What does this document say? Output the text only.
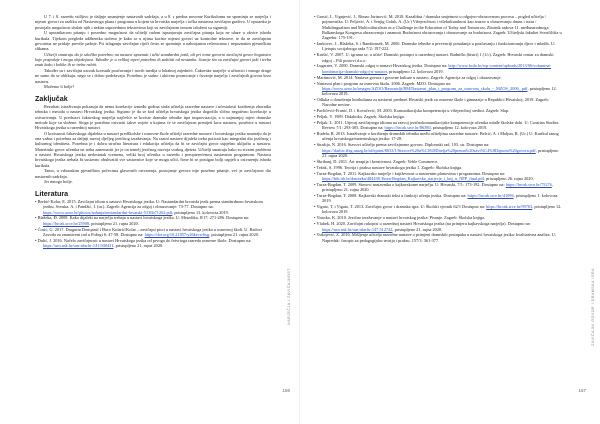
U 7. i 8. razredu vidljivo je daljnje smanjenje nastavnih sadržaja, a u 8. r predna novome Kurikulumu ne spominju se narječja i mjesni govori za razliku od Nastavnoga plana i programa u kojem su hrvatska narječja i točka nastavna zavičajna gradivo. U opstanku je postojala mogućnost slušati njih i nekim usporednim tekstovima koji su zavičajnom temom izloženi su sigurniji.

U uputnikacom pitanju i posredno mogućnost da učitelji radom ispunjavaju zavičajna pitanja koja ne ulaze u okvire ishoda kurikula. Tijekom pregleda udžbenika uočeno je kako se u njima koriste mjesni govori uz kontrolne tekstove, te da se zavičajnim govorima ne pridaje previše pažnje. Pri izlaganju zavičajne riječi često se spominje u nabrojanim rečenicama i nepoznatim pjesničkim slikama.

Učitelji smatraju da je ukoliko potrebno na nastavi upoznati i učiti standardni jezik, ali pri tome govorni zavičajni govor bogatstvo koje posjeduje i mogu objašnjava. Također je u velikoj mjeri potrebno ih zaštititi od nestanka. Jasnije što su zavičajni govori jaki i treba znati kako i koliko ih se treba rabiti.

Također su i zavičajni uzorak korisnih poučavanja i novih medija u lokalnoj zajednici. Čakavske narječje u učionici i mnoge druge ne samo da se oblikuju, nego se i dobro podržavaju. Potrebno je stalno i aktivno promicanje i čuvanje narječja i zavičajnih govora kroz nastavu.

Možemo li bolje?

Zaključak

Rezultati istraživanja pokazuju da nema korelacije između godina staža učitelja razredne nastave i učestalosti korištenja zbornika tehnika i metoda u nastavi Hrvatskog jezika. Sigurno je da se kod učitelja hrvatskoga jezika dogodilo slično negativno korelacije u ostvarivanju. U predstavi čakavskog narječja najčešće se koriste dramske tehnike tipa improvizacija, a u najmanjoj mjeri dramske metode koje su složene. Stoga je potrebno ostvariti takve uvjete u kojima će se zavičajnost prenijeti kroz nastavu, posebice u nastavi Hrvatskoga jezika u razrednoj nastavi.

O korisnosti čakavskoga dijalekta u nastavi predškolske i osnovne škole učitelji razredne nastave i hrvatskoga jezika smatraju da je ona važna i potrebna za daljnji razvoj dječjeg jezičnog izražavanja. Na razini nastave dijalekt treba poticati kao integralni dio jezičnog i kulturnog identiteta. Potrebna je i dobra stručna literatura i edukacija učitelja da bi se zavičajni govor uspješno uključio u nastavu. Materinski govor učenika ne treba zanemariti jer je on temelj jezičnog razvoja svakog djeteta. Učitelji smatraju kako su stvarni problemi u nastavi Hrvatskoga jezika nedostatak vremena, veliki broj učenika u razredu i preopterećenost nastavnim programom. Nastava hrvatskoga jezika trebala bi sustavno obuhvatiti sve sastavnice koje se mogu učiti, čime bi se postigao bolji uspjeh u ostvarenju ishoda kurikula.

Tamo, u vrhunskim pjesničkim počecima glasovnih ostvarenja, postojanje govora nije posebno pitanje, već je zavičajnost dio nastavnih sadržaja.

Jer mnogo bolje.

Literatura

• Berbić-Kolar, E. 2015. Zavičajni idiom u nastavi Hrvatskoga jezika. U: Nastandardni hrvatski jezik prema standardnom hrvatskom jeziku. Sveuka. A. i Pandžić, I. (ur.). Zagreb: Agencija za odgoj i obrazovanje: 73-77. Dostupno na: https://www.azoo.hr/photos/izdanja/nestandardni-hrvatski-5136b71262.pdf, pristupljeno 13. kolovoza 2019.

• Blažeka, Đ. 2008. Kako dijalekt na narječju trebaju u nastavi hrvatskoga jezika. U: Metodika, 8/17: 271-286. Dostupno na: https://hrcak.srce.hr/25908, pristupljeno 21. rujna 2020.

• Ćosić, G. 2017. Dragutin Domjanić i Đuro Kolarić/Kolar – zavičajni pisci u nastavi hrvatskoga jezika u osnovnoj školi. U: Radovi Zavoda za znanstveni rad u Požegi 6: 47-58. Dostupno na: https://doi.org/10.21857/y26kecw6xg, pristupljeno 21. rujna 2020.

• Dulić, J. 2016. Načelo zavičajnosti u nastavi Hrvatskoga jezika od prvoga do četvrtoga razreda osnovne škole. Dostupno na: https://urn.nsk.hr/urn:nbn:hr:141:948431, pristupljeno 21. rujna 2020.

NARJEČJA I ZAVIČAJNOST
166

• Grasić, I., Vignjević, J., Rimac Jurinović, M. 2018. Kazališna / dramska umjetnost u odgojno-obrazovnom procesu – pogled učitelja / pojmovnika. U: Peljović, A. i Šenjig Golub, A. (Ur.) Višejezičnost i višekulturalnost kao izazov u obrazovanju danas i sutra / Multilingualism and Multiculturalism as a Challenge in the Education of Today and Tomorrow, Zbornik radova 11. međunarodnoga Balkanskoga Kongresa obrazovanja i znanosti Budućnost obrazovanja i obrazovanje za budućnost. Zagreb: Učiteljski fakultet Sveučilišta u Zagrebu: 175-191.

• Jankovec, J., Blažeka, S. i Rambousek, M. 2000. Dramske tehnike u prevenciji ponašanja u poučavanju i funkcioniranju djece i mladih. U: Ljetopis socijalnoga rada 7/2: 197-222.

• Krušić, V. 2007. U: igrama se, u učite! Dramski postupci u razrednoj nastavi. Radnički (bistri) 1 (1/c). Zagreb: Hrvatski centar za dramski odgoj – Pili postovi d.o.o.

• Lugarner, V. 2000. Dramski odgoj u nastavi Hrvatskog jezika. Dostupno na: http://www.hcdo.hr/wp-content/uploads/2013/06/volumina-kombinacija-dramski-odgoj-u-nastavi, pristupljeno 12. kolovoza 2019.

• Martinović, M. 2014. Nastava govora i govorne kulture u nastavi. Zagreb: Agencija za odgoj i obrazovanje.

• Nastavni plan i program za osnovnu školu. 2006. Zagreb: MZO. Dostupno na: https://www.azoo.hr/images/AZOO/Ravnatelji/RM/Nastavni_plan_i_program_za_osnovnu_skolu_-_MZOS_2006_.pdf, pristupljeno 12. kolovoza 2019.

• Odluka o donošenju kurikuluma za nastavni predmet Hrvatski jezik za osnovne škole i gimnazije u Republici Hrvatskoj. 2019. Zagreb: Narodne novine.

• Pavličević-Franić, D. i Kovačević, M. 2003. Komunikacijska kompetencija u višejezičnoj sredini. Zagreb: Slap.

• Peljak, V. 1989. Didaktika. Zagreb: Školska knjiga.

• Peljak, L. 2011. Utjecaj zavičajnoga idioma na razvoj jezičnokomunikacijske kompetencije učenika mlađe školske dobi. U: Croatian Studies Review 7/1: 293-305. Dostupno na: https://hrcak.srce.hr/86380, pristupljeno 12. kolovoza 2019.

• Rudela, R. 2013. Istraživanje o korištenju dramskih tehnika među učiteljima razredne nastave. Belcić, A. i Maljun, B. (Ur.) U: Kurikul ranog učenja hrvatskoga/materinskoga jezika: 17-28.

• Stražija, N. 2016. Stavovi učitelja prema zavičajnome govoru. Diplomski rad. 103. str. Dostupno na: https://darhiv.ffzg.unizg.hr/id/eprint/8633/1/Stavovi%20u%C4%8Ditelja%20prema%20zavi%C4%8Dajnom%20govoru.pdf, pristupljeno 21. rujna 2020.

• Škribanj, D. 2011. Art terapija i kreativnost. Zagreb: Veble Commerce.

• Težak, S. 1996. Teorija i praksa nastave hrvatskoga jezika 1. Zagreb: Školska knjiga.

• Turza-Bogdan, T. 2011. Kajkavsko narječje i književnost u nastavnim planovima i programima. Dostupno na: https://bib.irb.hr/datoteka/484438.Turza-Bogdan_Kajkavsko_narjecje_i_knj_u_NPP_final.pdf, pristupljeno 26. rujna 2020.

• Turza-Bogdan, T. 2009. Stavovi nastavnika o kajkavskome narječju. U: Hrvatski, 7/1: 173-192. Dostupno na: https://hrcak.srce.hr/75276, pristupljeno 21. rujna 2020.

• Turza-Bogdan, T. 2008. Kajkavski dramski tekst u funkciji učenja jezika. Dostupno na: https://hrcak.srce.hr/41096, pristupljeno 1. kolovoza 2019.

• Vigato, T. i Vigato, T. 2013. Zavičajni govor i dramska igra. U: Školski vjesnik 62/1 Dostupno na: https://hrcak.srce.hr/99763, pristupljeno 12. kolovoza 2019.

• Visinko, K. 2010. Jezično izražavanje u nastavi hrvatskog jezika: Pisanje. Zagreb: Školska knjiga.

• Vlahek, H. 2020. Zavičajni rukopisi u razrednoj nastavi Hrvatskoga jezika (na primjeru kajkavskoga narječja). Dostupno na: https://urn.nsk.hr/urn:nbn:hr:147:512742, pristupljeno 21. rujna 2020.

• Vukojević, Z. 2016. Mišljenje učitelja razredne nastave o primjeni dramskih postupaka u nastavi hrvatskoga jezika: kvalitativna analiza. U: Napredak: časopis za pedagogijsku teoriju i praksu. 157/3: 361-377.

ZAVIČAJNI GOVOR I DRAMSKA IGRA
167
